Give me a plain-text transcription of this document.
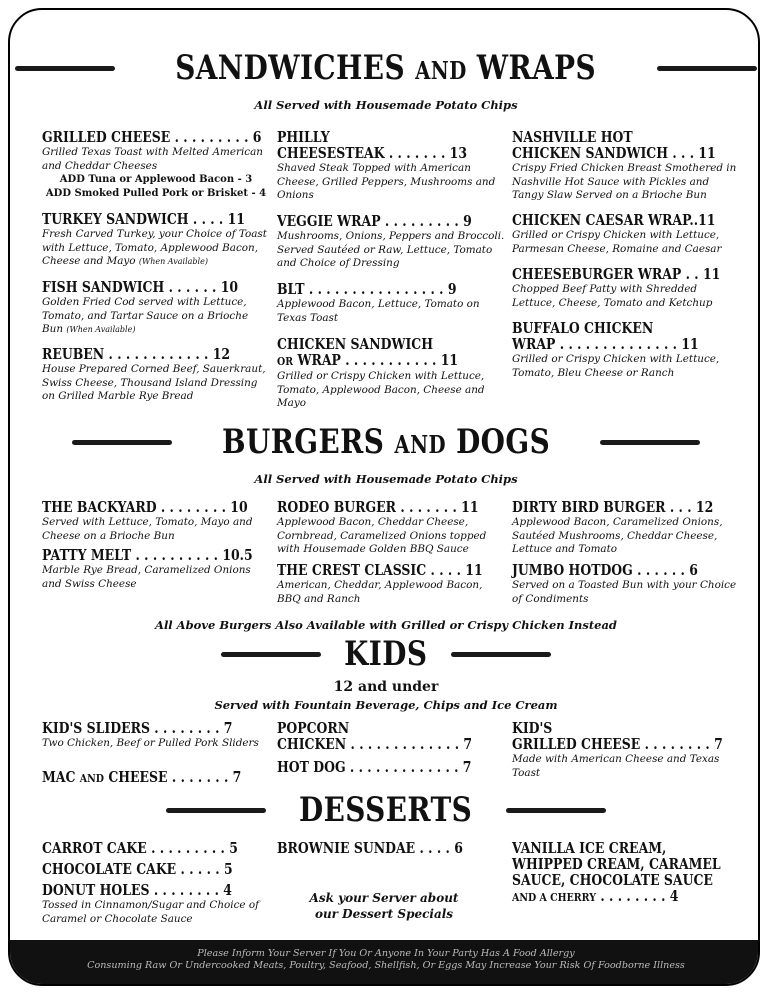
SANDWICHES AND WRAPS
All Served with Housemade Potato Chips
GRILLED CHEESE . . . . . . . . . 6
Grilled Texas Toast with Melted American and Cheddar Cheeses
ADD Tuna or Applewood Bacon - 3
ADD Smoked Pulled Pork or Brisket - 4
TURKEY SANDWICH . . . . 11
Fresh Carved Turkey, your Choice of Toast with Lettuce, Tomato, Applewood Bacon, Cheese and Mayo (When Available)
FISH SANDWICH . . . . . . 10
Golden Fried Cod served with Lettuce, Tomato, and Tartar Sauce on a Brioche Bun (When Available)
REUBEN . . . . . . . . . . . . 12
House Prepared Corned Beef, Sauerkraut, Swiss Cheese, Thousand Island Dressing on Grilled Marble Rye Bread
PHILLY
CHEESESTEAK . . . . . . . 13
Shaved Steak Topped with American Cheese, Grilled Peppers, Mushrooms and Onions
VEGGIE WRAP . . . . . . . . . 9
Mushrooms, Onions, Peppers and Broccoli. Served Sautéed or Raw, Lettuce, Tomato and Choice of Dressing
BLT . . . . . . . . . . . . . . . . 9
Applewood Bacon, Lettuce, Tomato on Texas Toast
CHICKEN SANDWICH
OR WRAP . . . . . . . . . . . 11
Grilled or Crispy Chicken with Lettuce, Tomato, Applewood Bacon, Cheese and Mayo
NASHVILLE HOT
CHICKEN SANDWICH . . . 11
Crispy Fried Chicken Breast Smothered in Nashville Hot Sauce with Pickles and Tangy Slaw Served on a Brioche Bun
CHICKEN CAESAR WRAP..11
Grilled or Crispy Chicken with Lettuce, Parmesan Cheese, Romaine and Caesar
CHEESEBURGER WRAP . . 11
Chopped Beef Patty with Shredded Lettuce, Cheese, Tomato and Ketchup
BUFFALO CHICKEN
WRAP . . . . . . . . . . . . . . 11
Grilled or Crispy Chicken with Lettuce, Tomato, Bleu Cheese or Ranch
BURGERS AND DOGS
All Served with Housemade Potato Chips
THE BACKYARD . . . . . . . . 10
Served with Lettuce, Tomato, Mayo and Cheese on a Brioche Bun
PATTY MELT . . . . . . . . . . 10.5
Marble Rye Bread, Caramelized Onions and Swiss Cheese
RODEO BURGER . . . . . . . 11
Applewood Bacon, Cheddar Cheese, Cornbread, Caramelized Onions topped with Housemade Golden BBQ Sauce
THE CREST CLASSIC . . . . 11
American, Cheddar, Applewood Bacon, BBQ and Ranch
DIRTY BIRD BURGER . . . 12
Applewood Bacon, Caramelized Onions, Sautéed Mushrooms, Cheddar Cheese, Lettuce and Tomato
JUMBO HOTDOG . . . . . . 6
Served on a Toasted Bun with your Choice of Condiments
All Above Burgers Also Available with Grilled or Crispy Chicken Instead
KIDS
12 and under
Served with Fountain Beverage, Chips and Ice Cream
KID'S SLIDERS . . . . . . . . 7
Two Chicken, Beef or Pulled Pork Sliders
MAC AND CHEESE . . . . . . . 7
POPCORN
CHICKEN . . . . . . . . . . . . . 7
HOT DOG . . . . . . . . . . . . . 7
KID'S
GRILLED CHEESE . . . . . . . . 7
Made with American Cheese and Texas Toast
DESSERTS
CARROT CAKE . . . . . . . . . 5
CHOCOLATE CAKE . . . . . 5
DONUT HOLES . . . . . . . . 4
Tossed in Cinnamon/Sugar and Choice of Caramel or Chocolate Sauce
BROWNIE SUNDAE . . . . 6
Ask your Server about our Dessert Specials
VANILLA ICE CREAM,
WHIPPED CREAM, CARAMEL
SAUCE, CHOCOLATE SAUCE
AND A CHERRY . . . . . . . . 4
Please Inform Your Server If You Or Anyone In Your Party Has A Food Allergy
Consuming Raw Or Undercooked Meats, Poultry, Seafood, Shellfish, Or Eggs May Increase Your Risk Of Foodborne Illness
